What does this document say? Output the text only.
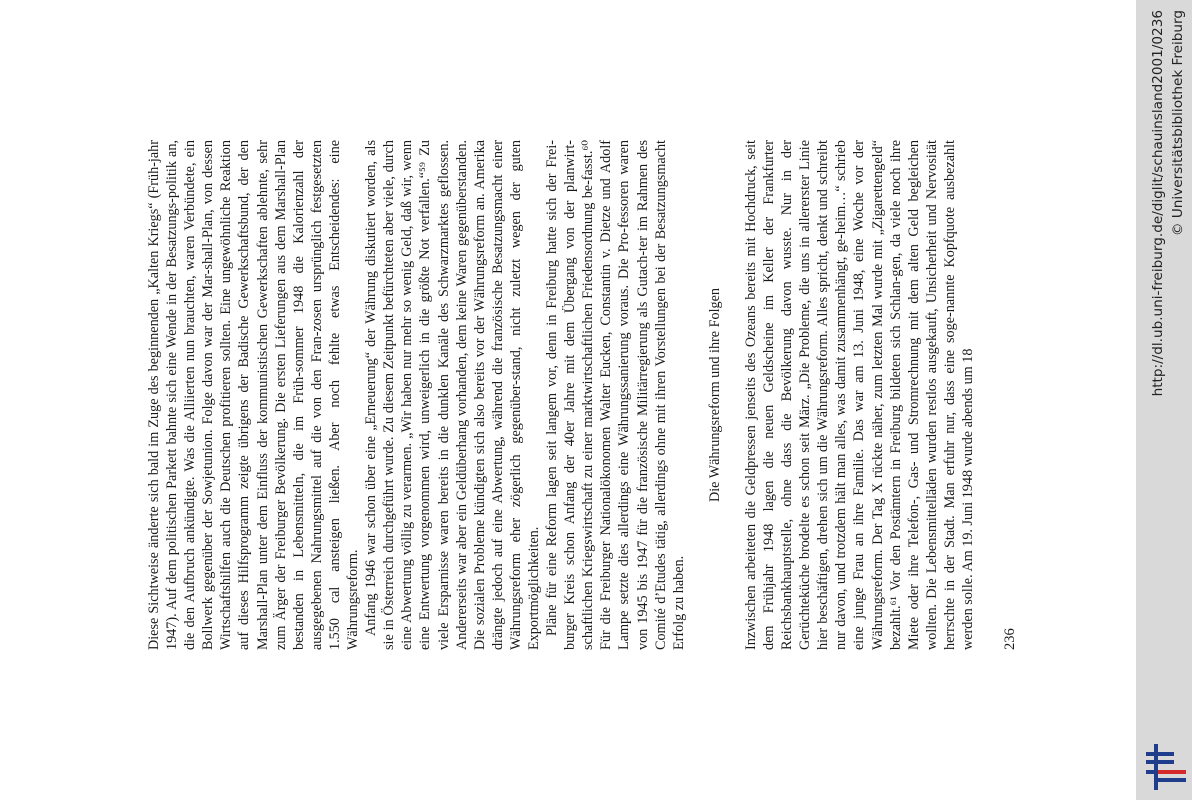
Diese Sichtweise änderte sich bald im Zuge des beginnenden „Kalten Kriegs“ (Früh-jahr 1947). Auf dem politischen Parkett bahnte sich eine Wende in der Besatzungs-politik an, die den Aufbruch ankündigte. Was die Alliierten nun brauchten, waren Verbündete, ein Bollwerk gegenüber der Sowjetunion. Folge davon war der Mar-shall-Plan, von dessen Wirtschaftshilfen auch die Deutschen profitieren sollten. Eine ungewöhnliche Reaktion auf dieses Hilfsprogramm zeigte übrigens der Badische Gewerkschaftsbund, der den Marshall-Plan unter dem Einfluss der kommunistischen Gewerkschaften ablehnte, sehr zum Ärger der Freiburger Bevölkerung. Die ersten Lieferungen aus dem Marshall-Plan bestanden in Lebensmitteln, die im Früh-sommer 1948 die Kalorienzahl der ausgegebenen Nahrungsmittel auf die von den Fran-zosen ursprünglich festgesetzten 1.550 cal ansteigen ließen. Aber noch fehlte etwas Entscheidendes: eine Währungsreform. Anfang 1946 war schon über eine „Erneuerung“ der Währung diskutiert worden, als sie in Österreich durchgeführt wurde. Zu diesem Zeitpunkt befürchteten aber viele, durch eine Abwertung völlig zu verarmen. „Wir haben nur mehr so wenig Geld, daß wir, wenn eine Entwertung vorgenommen wird, unweigerlich in die größte Not verfallen.“⁵⁹ Zu viele Ersparnisse waren bereits in die dunklen Kanäle des Schwarzmarktes geflossen. Andererseits war aber ein Geldüberhang vorhanden, dem keine Waren gegenüberstanden. Die sozialen Probleme kündigten sich also bereits vor der Währungsreform an. Amerika drängte jedoch auf eine Abwertung, während die französische Besatzungsmacht einer Währungsreform eher zögerlich gegenüber-stand, nicht zuletzt wegen der guten Exportmöglichkeiten. Pläne für eine Reform lagen seit langem vor, denn in Freiburg hatte sich der Frei-burger Kreis schon Anfang der 40er Jahre mit dem Übergang von der planwirt-schaftlichen Kriegswirtschaft zu einer marktwirtschaftlichen Friedensordnung be-fasst.⁶⁰ Für die Freiburger Nationalökonomen Walter Eucken, Constantin v. Dietze und Adolf Lampe setzte dies allerdings eine Währungssanierung voraus. Die Pro-fessoren waren von 1945 bis 1947 für die französische Militärregierung als Gutach-ter im Rahmen des Comité d’Etudes tätig, allerdings ohne mit ihren Vorstellungen bei der Besatzungsmacht Erfolg zu haben.

Die Währungsreform und ihre Folgen Inzwischen arbeiteten die Geldpressen jenseits des Ozeans bereits mit Hochdruck, seit dem Frühjahr 1948 lagen die neuen Geldscheine im Keller der Frankfurter Reichsbankhauptstelle, ohne dass die Bevölkerung davon wusste. Nur in der Gerüchteküche brodelte es schon seit März. „Die Probleme, die uns in allererster Linie hier beschäftigen, drehen sich um die Währungsreform. Alles spricht, denkt und schreibt nur davon, und trotzdem hält man alles, was damit zusammenhängt, ge-heim…“ schrieb eine junge Frau an ihre Familie. Das war am 13. Juni 1948, eine Woche vor der Währungsreform. Der Tag X rückte näher, zum letzten Mal wurde mit „Zigarettengeld“ bezahlt.⁶¹ Vor den Postämtern in Freiburg bildeten sich Schlan-gen, da viele noch ihre Miete oder ihre Telefon-, Gas- und Stromrechnung mit dem alten Geld begleichen wollten. Die Lebensmittelläden wurden restlos ausgekauft, Unsicherheit und Nervosität herrschte in der Stadt. Man erfuhr nur, dass eine soge-nannte Kopfquote ausbezahlt werden solle. Am 19. Juni 1948 wurde abends um 18 236
http://dl.ub.uni-freiburg.de/diglit/schauinsland2001/0236 © Universitätsbibliothek Freiburg
